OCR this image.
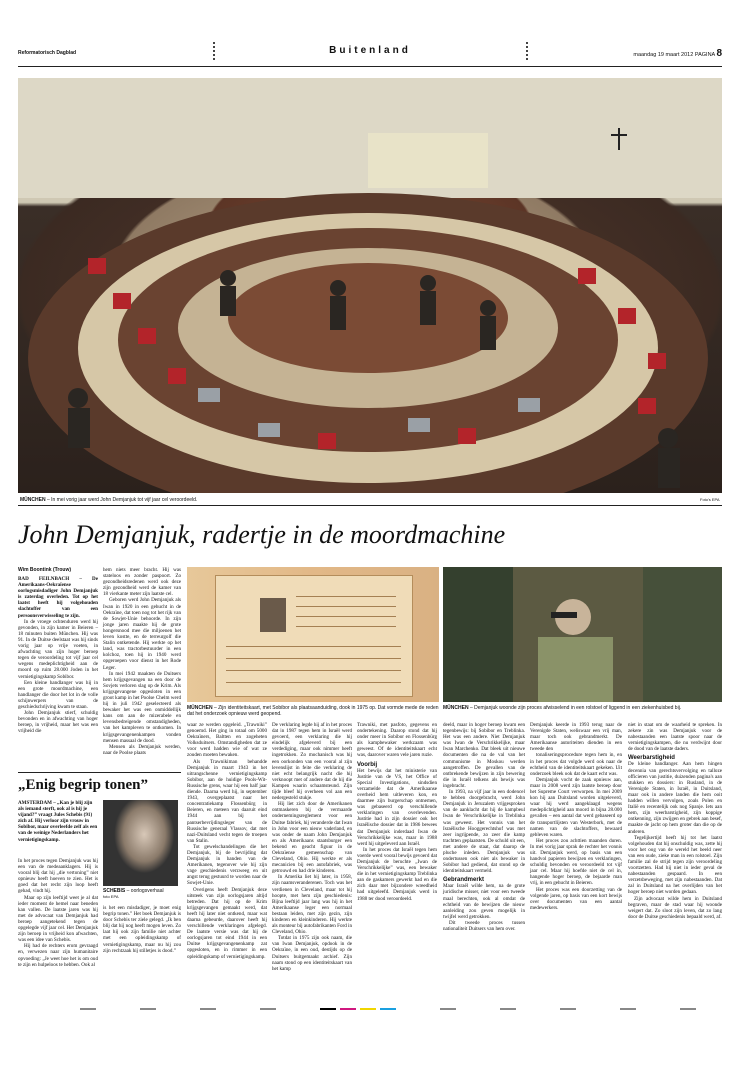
Reformatorisch Dagblad	Buitenland	maandag 19 maart 2012 PAGINA 8
MÜNCHEN – In mei vorig jaar werd John Demjanjuk tot vijf jaar cel veroordeeld.	Foto's EPA
John Demjanjuk, radertje in de moordmachine
Wim Boontink (Trouw)

BAD FEILNBACH – De Amerikaans-Oekraïense oorlogsmisdadiger John Demjanjuk is zaterdag overleden. Tot op het laatst heeft hij volgehouden slachtoffer van een persoonsverwisseling te zijn.

In de vroege ochtenduren werd hij gevonden, in zijn kamer in Beieren – 18 minuten buiten München. Hij was 91. In de Duitse deelstaat was hij sinds vorig jaar op vrije voeten, in afwachting van zijn hoger beroep tegen de veroordeling tot vijf jaar cel wegens medeplichtigheid aan de moord op ruim 28.000 Joden in het vernietigingskamp Sobibor.

Een kleine handlanger was hij in een grote moordmachine, een handlanger die door het lot in de volle schijnwerpers van de geschiedschrijving kwam te staan.

John Demjanjuk stierf, schuldig bevonden en in afwachting van hoger beroep, in vrijheid, maar het was een vrijheid die

hem niets meer bracht. Hij was stateloos en zonder paspoort. Zo gezondheidsredenen werd ook deze zijn gezondheid werd de kamer van 18 vierkante meter zijn laatste cel.

Geboren werd John Demjanjuk als Iwan in 1920 in een gehucht in de Oekraïne, dat toen nog tot het rijk van de Sowjet-Unie behoorde. In zijn jonge jaren maakte hij de grote hongersnood mee die miljoenen het leven kostte, en de terreurgolf die Stalin ontketende. Hij werkte op het land, was tractorbestuurder in een kolchoz, toen hij in 1940 werd opgeroepen voor dienst in het Rode Leger.

In mei 1942 maakten de Duitsers hem krijgsgevangen na een door de Sovjets verloren slag op de Krim. Als krijgsgevangene opgesloten in een groot kamp in het Poolse Chelm werd hij in juli 1942 geselecteerd als bewaker het was een onmiddellijk kans om aan de mizerabele en levensbedreigende omstandigheden, van het kampleven te ontkomen. In krijgsgevangenenkampen vonden mensen massaal de dood.

Mensen als Demjanjuk werden, naar de Poolse plaats

„Enig begrip tonen”
AMSTERDAM – „Kan je blij zijn als iemand sterft, ook al is hij je vijand?” vraagt Jules Schebis (91) zich af. Hij verloor zijn vrouw in Sobibor, maar overleefde zelf als een van de weinige Nederlanders het vernietigingskamp.
SCHEBIS – oorlogsverhaal
foto EPA

In het proces tegen Demjanjuk was hij een van de medeaanklagers. Hij is vooral blij dat hij „die vertoning” niet opnieuw heeft hoeven te zien. Het is goed dat het recht zijn loop heeft gehad, vindt hij.

Maar op zijn leeftijd weet je al dat ieder moment de hemel naar beneden kan vallen. De laatste jaren was hij met de advocaat van Demjanjuk had beroep aangetekend tegen de opgelegde vijf jaar cel. Het Demjanjuk zijn beroep in vrijheid kon afwachten, was een idee van Schebis.

Hij had de rechters erom gevraagd en, verwezen naar zijn humanitaire opvoeding: „Je weet hoe het is om oud te zijn en hulpeloos te hebben. Ook al

is het een misdadiger, je moet enig begrip tonen.” Het boek Demjanjuk is door Schebis ter ziele gelegd. „Ik ben blij dat hij nog heeft mogen leven. Zo laat hij ook zijn familie niet achter met een opleidingskamp of vernietigingskamp, maar nu hij zou zijn rechtzaak hij stilletjes is dood.”

MÜNCHEN – Zijn identiteitskaart, met Sobibor als plaatsaanduiding, dook in 1975 op. Dat vormde mede de reden dat het onderzoek opnieuw werd geopend.
MÜNCHEN – Demjanjuk woonde zijn proces afwisselend in een rolstoel of liggend in een ziekenhuisbed bij.

waar ze werden opgeleid. „Trawniki” genoemd. Het ging in totaal om 5000 Oekraïners, Baltten en zogeheten Volksduitsers. Omstandigheden dat ze voor werd hadden wie of wat ze zouden moeten bewaken.

Als Trawnikiman behandde Demjanjuk in maart 1943 in het uitrangschenne vernietigingskamp Sobibor, aan de huidige Pools-Wit-Russische grens, waar hij een half jaar diende. Daarna werd hij, in september 1943, overgeplaatst naar het concentratiekamp Flossenbürg in Beieren, en meteen van daaruit eind 1944 aan bij het pantserbevrijdingsleger van de Russische generaal Vlassov, dat met nazi-Duitsland vecht tegen de troepen van Stalin.

Tot gewelschandelingen die het Demjanjuk, bij de bevrijding dat Demjanjuk in handen van de Amerikanen, tegenover wie hij zijn vage geschiedenis verzweeg en uit angst terug gestuurd te worden naar de Sowjet-Unie.

Overigens heeft Demjanjuk deze uitsteek van zijn oorlogsjaren altijd betreden. Dat hij op de Krim krijgsgevangen gemaakt werd, dat heeft hij later niet ontkend, maar wat daarna gebeurde, daarover heeft hij verschillende verklaringen afgelegd. De laatste versie was dat hij de oorlogsjaren tot eind 1944 in een Duitse krijgsgevangenenkamp zat opgesloten, en in rimmer in een opleidingskamp of vernietigingskamp.

De verklaring legde hij af in het proces dat in 1987 tegen hem in Israël werd gevoerd, een verklaring die hij eindelijk afgeleverd bij een verdediging, maar ook nimmer heeft ingetrokken. Zo mochanisch was hij een oorkonden van een vooral al zijn levenslijst in feite die verklaring de niet echt belangrijk nacht die hij verknoopt met of andere dat de hij die Kampen waarin schaamsteund. Zijn tijde bleef hij overheen vol aan een nedergesteld stukje.

Hij liet zich door de Amerikanen ontmaskeren bij de vermaarde ondernemingsreglement voor een Duitse fabriek, hij veranderde dat Iwan in John voor een nieuw vaderland, en was onder de naam John Demjanjuk en als Amerikaans staatsburger een bekend en geacht figuur in de Oekraïense gemeenschap van Cleveland, Ohio. Hij werkte er als mecanicien bij een autofabriek, was getrouwd en had drie kinderen.

In Amerika liet hij later, in 1958, zijn naamsveranderenen. Toch was het verdienen in Cleveland, maar tot hij hoopte, met hem zijn geschiedenis: Bijna leeftijd jaar lang was hij in het Amerikaanse leger een normaal bestaan leiden, met zijn gezin, zijn kinderen en kleinkinderen. Hij werkte als monteur bij autofabrikanten Ford in Cleveland, Ohio.

Totdat in 1975 zijn ook naam, die van Iwan Demjanjuk, opdook in de Oekraïne, in een oud, destijds op de Duitsers buitgemaakt archief. Zijn naam stond op een identiteitskaart van het kamp

Trawniki, met pasfoto, gegevens en ondertekening. Daarop stond dat hij onder meer in Sobibor en Flossenbürg als kampbewaker werkzaam was geweest. Of de identiteitskaart echt was, daarover waren vele jaren ruzie.

Voorbij

Het bewijs dat het ministerie van Justitie van de VS, het Office of Special Investigations, sindsdien verzamelde dat de Amerikaanse overheid hem uitleveren kon, en daarmee zijn burgerschap ontnemen, was gebaseerd op verschillende verklaringen van overlevenden. Justitie had in zijn dossier ook het Israëlische dossier dat in 1986 bewees dat Demjanjuk inderdaad Iwan de Verschrikkelijke was, maar in 1988 werd hij uitgeleverd aan Israël.

In het proces dat Israël tegen hem voerde werd vooral bewijs gevoerd dat Demjanjuk de beruchte „Iwan de Verschrikkelijke” was, een bewaker die in het vernietigingskamp Treblinka aan de gaskamers gewerkt had en die zich daar met bijzondere wreedheid had uitgeleefd. Demjanjuk werd in 1988 ter dood veroordeeld.

deeld, maar in hoger beroep kwam een tegenbewijs: bij Sobibor en Treblinka. Het was een andere. Niet Demjanjuk was Iwan de Verschrikkelijke, maar Iwan Marchenko. Dat bleek uit nieuwe documenten die na de val van het communisme in Moskou werden aangetroffen. De gevallen van de ontbrekende bewijzen in zijn bewering die in Israël telkens als bewijs was ingebracht.

In 1993, na vijf jaar in een dodencel te hebben doorgebracht, werd John Demjanjuk in Jeruzalem vrijgesproken van de aanklacht dat hij de kampbeul Iwan de Verschrikkelijke in Treblinka was geweest. Het vonnis van het Israëlische Hooggerechtshof was met zeer ingrijpende, zo zeer die kamp trachtten geplaatsten. De schuld uit een, met andere de staat, dat daarop de pluche inleden. Demjanjuk was ondertussen ook niet als bewaker in Sobibor had gediend, dat stond op de identiteitskaart vermeld.

Gebrandmerkt

Maar Israël wilde hem, na de grote juridische misser, niet voor een tweede maal berechten, ook al omdat de echtheid van de bewijzen die nieuw aanleiding zou geven mogelijk in twijfel werd getrokken.

Dit tweede proces tussen nationaliteit Duitsers van hem over.

Demjanjuk keerde in 1993 terug naar de Verenigde Staten, weliswaar een vrij man, maar toch ook gebrandmerkt. De Amerikaanse autoriteiten dienden in een tweede den

tonaliseringsprocedure tegen hem in, en in het proces dat volgde werd ook naar de echtheid van de identiteitskaart gekeken. Uit onderzoek bleek ook dat de kaart echt was.

Demjanjuk vocht de zaak opnieuw aan, maar in 2008 werd zijn laatste beroep door het Supreme Court verworpen. In mei 2009 kon hij aan Duitsland worden uitgeleverd, waar hij werd aangeklaagd wegens medeplichtigheid aan moord in bijna 28.000 gevallen – een aantal dat werd gebaseerd op de transportlijsten van Westerbork, met de namen van de slachtoffers, bewaard gebleven waren.

Het proces zou achttien maanden duren. In mei vorig jaar sprak de rechter het vonnis uit. Demjanjuk werd, op basis van een handvol papieren bewijzen en verklaringen, schuldig bevonden en veroordeeld tot vijf jaar cel. Maar hij hoefde niet de cel in, hangende hoger beroep, de bejaarde man vrij, in een gehucht in Beieren.

Het proces was een doorzetting van de volgende jaren, op basis van een kort bewijs over documenten van een aantal medewerkers.

niet in staat om de waarheid te spreken. In zekere zin was Demjanjuk voor de nabestaanden een laatste spoor naar de vernietigingskampen, die nu verdwijnt door de dood van de laatste daders.

Weerbarstigheid

De kleine handlanger. Aan hem hingen decennia van gerechtsvervolging en talloze officieren van justitie, duizenden pagina's aan stukken en dossiers: in Rusland, in de Verenigde Staten, in Israël, in Duitsland, maar ook in andere landen die hem ooit hadden willen vervolgen, zoals Polen en Italië en recentelijk ook nog Spanje. Iets aan hem, zijn weerbarstigheid, zijn koppige ontkenning, zijn zwijgen en gebrek aan besef, maakte de jacht op hem groter dan die op de anderen.

Tegelijkertijd heeft hij tot het laatst volgehouden dat hij onschuldig was, zette hij voor het oog van de wereld het beeld neer van een oude, zieke man in een rolstoel. Zijn familie zal de strijd tegen zijn veroordeling voortzetten. Had hij niet in ieder geval de nabestaanden gespaard. In een verzetsbeweging, met zijn nabestaanden. Dat zal in Duitsland na het overlijden van het hoger beroep niet worden gedaan.

Zijn advocaat wilde hem in Duitsland begraven, maar de stad waar hij woonde weigert dat. Zo sloot zijn leven, dat zo lang door de Duitse geschiedenis bepaald werd, af.
